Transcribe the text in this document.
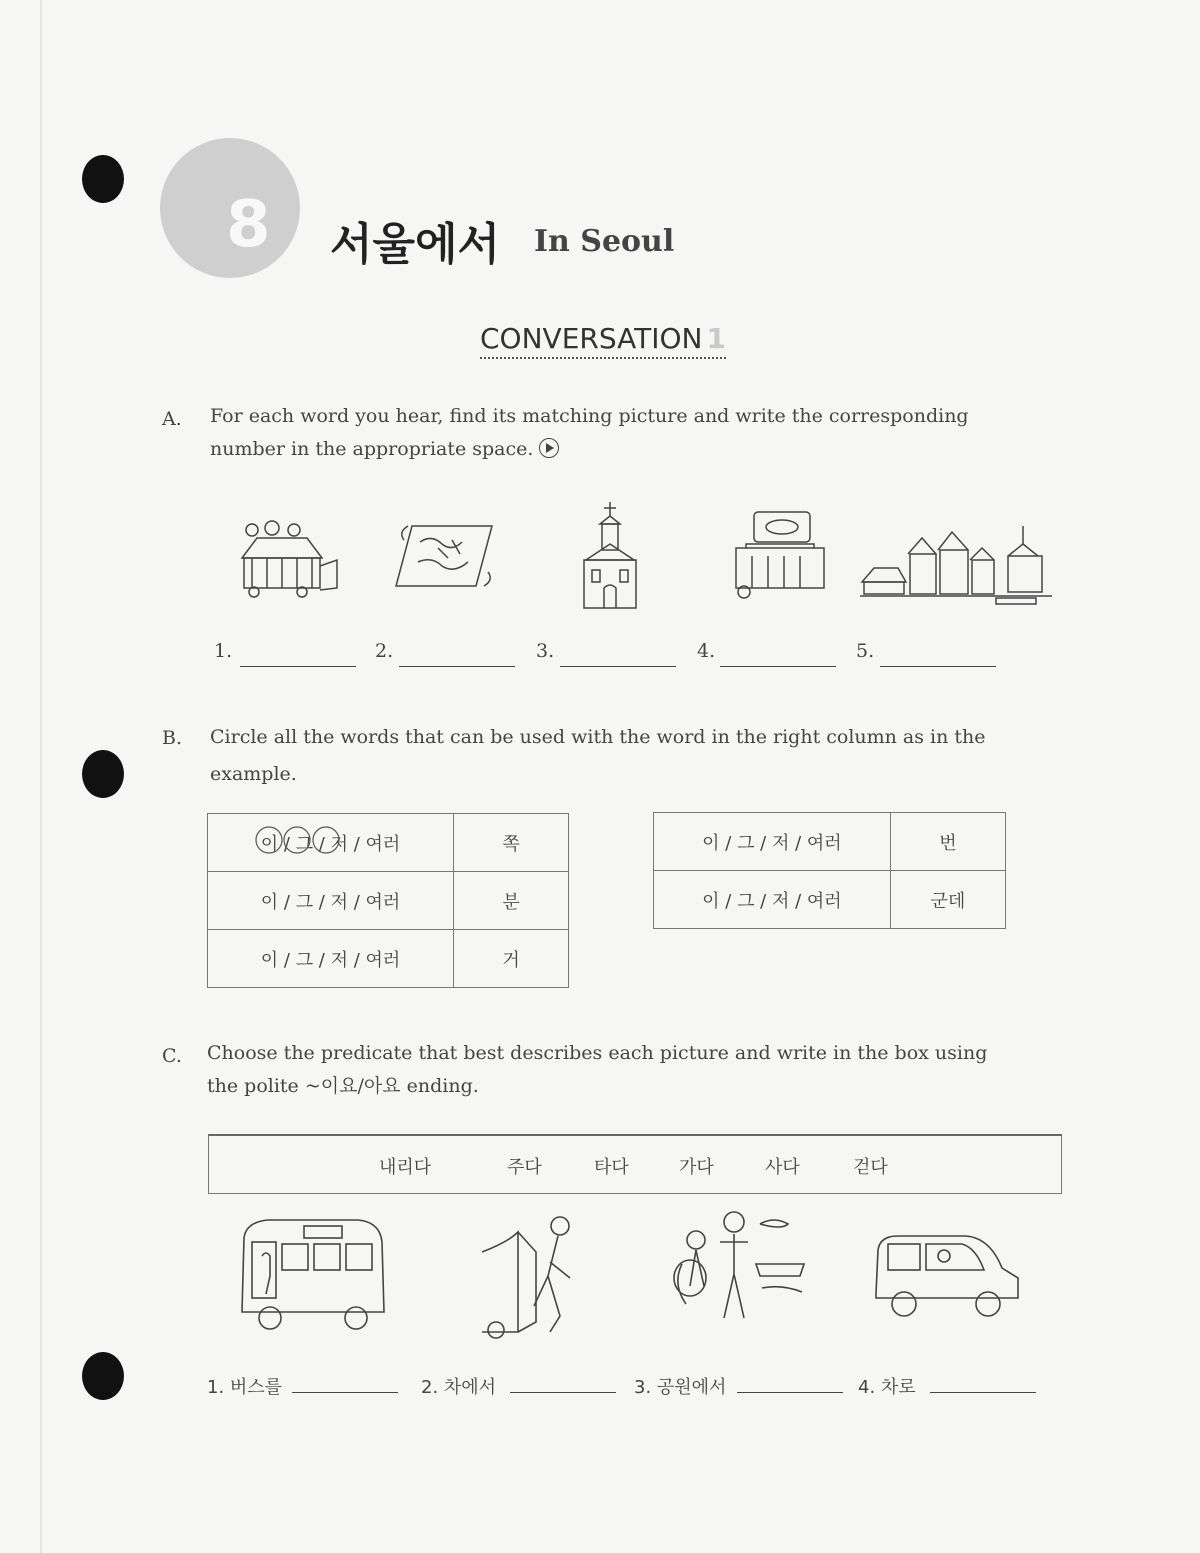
8 서울에서 In Seoul
CONVERSATION 1
A. For each word you hear, find its matching picture and write the corresponding
number in the appropriate space.
1.	2.	3.	4.	5.
B. Circle all the words that can be used with the word in the right column as in the
example.
이 / 그 / 저 / 여러	쪽
이 / 그 / 저 / 여러	분
이 / 그 / 저 / 여러	거
이 / 그 / 저 / 여러	번
이 / 그 / 저 / 여러	군데
C. Choose the predicate that best describes each picture and write in the box using
the polite ~이요/아요 ending.
내리다	주다	타다	가다	사다	걷다
1. 버스를	2. 차에서	3. 공원에서	4. 차로
